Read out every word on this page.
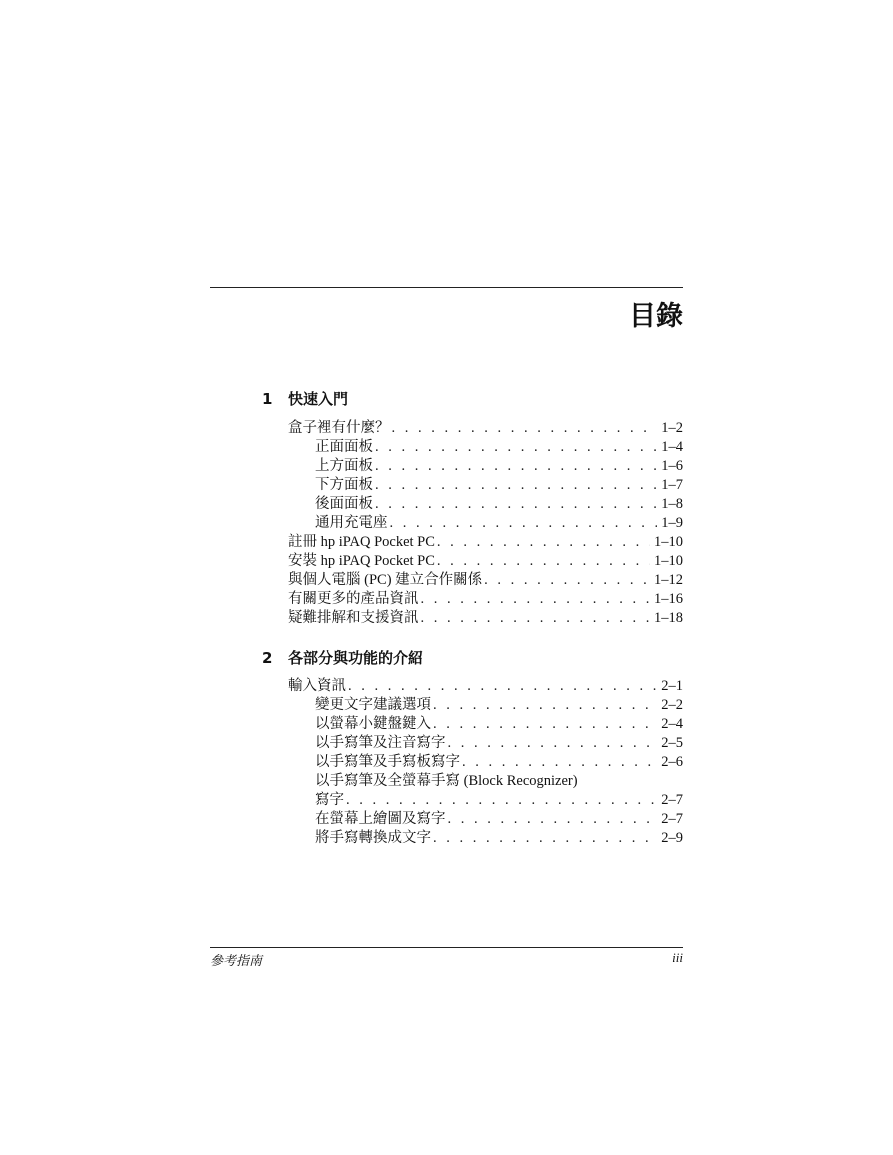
目錄
1 快速入門
盒子裡有什麼？ . . .	1–2
正面面板 . . .	1–4
上方面板 . . .	1–6
下方面板 . . .	1–7
後面面板 . . .	1–8
通用充電座 . . .	1–9
註冊 hp iPAQ Pocket PC . . .	1–10
安裝 hp iPAQ Pocket PC . . .	1–10
與個人電腦 (PC) 建立合作關係 . . .	1–12
有關更多的產品資訊 . . .	1–16
疑難排解和支援資訊 . . .	1–18
2 各部分與功能的介紹
輸入資訊 . . .	2–1
變更文字建議選項 . . .	2–2
以螢幕小鍵盤鍵入 . . .	2–4
以手寫筆及注音寫字 . . .	2–5
以手寫筆及手寫板寫字 . . .	2–6
以手寫筆及全螢幕手寫 (Block Recognizer)
寫字 . . .	2–7
在螢幕上繪圖及寫字 . . .	2–7
將手寫轉換成文字 . . .	2–9
參考指南	iii
